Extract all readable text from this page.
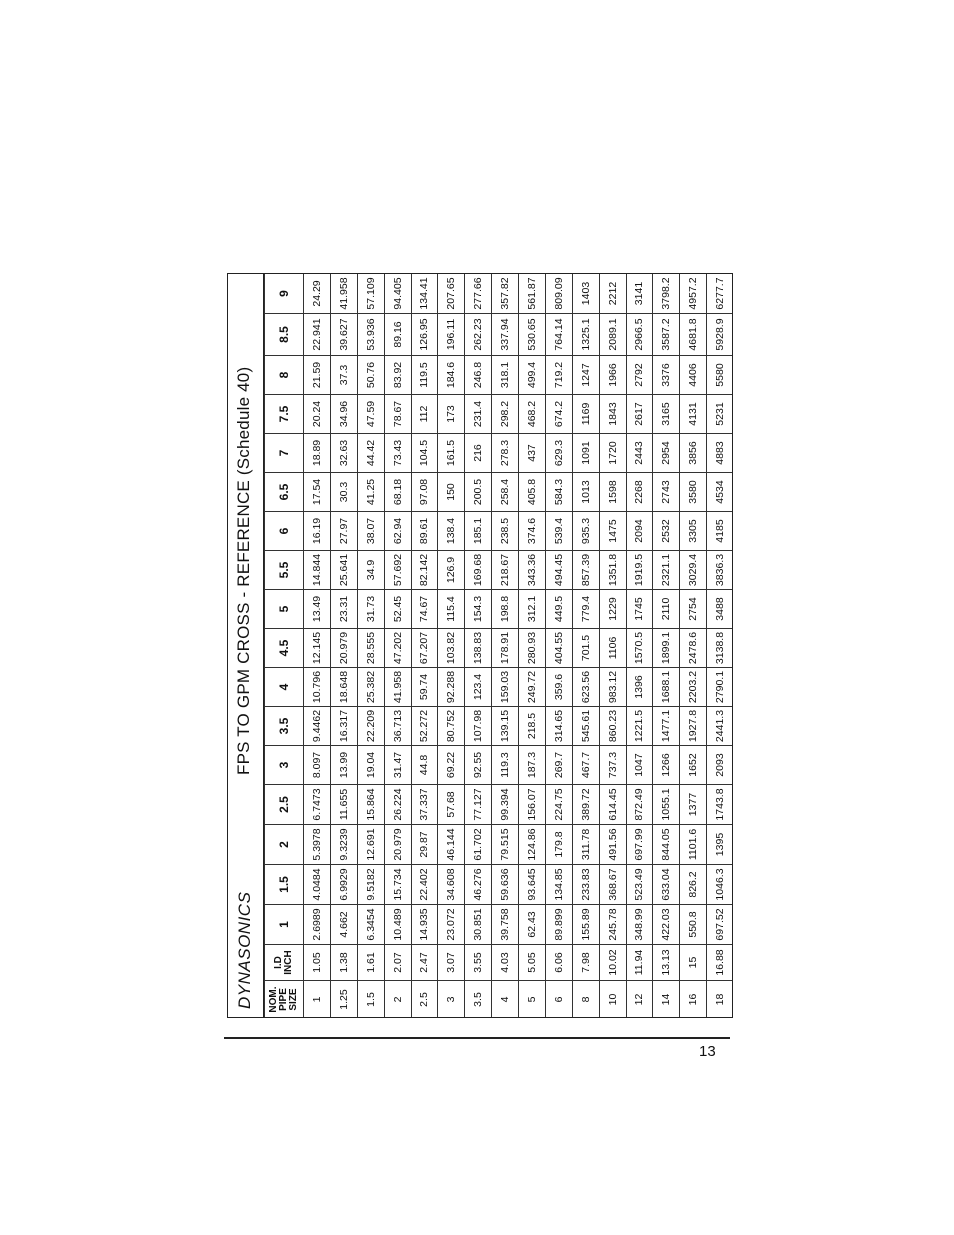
DYNASONICS
FPS TO GPM CROSS - REFERENCE (Schedule 40)
NOM.
PIPE
SIZE	I.D
INCH	1	1.5	2	2.5	3	3.5	4	4.5	5	5.5	6	6.5	7	7.5	8	8.5	9
1	1.05	2.6989	4.0484	5.3978	6.7473	8.097	9.4462	10.796	12.145	13.49	14.844	16.19	17.54	18.89	20.24	21.59	22.941	24.29
1.25	1.38	4.662	6.9929	9.3239	11.655	13.99	16.317	18.648	20.979	23.31	25.641	27.97	30.3	32.63	34.96	37.3	39.627	41.958
1.5	1.61	6.3454	9.5182	12.691	15.864	19.04	22.209	25.382	28.555	31.73	34.9	38.07	41.25	44.42	47.59	50.76	53.936	57.109
2	2.07	10.489	15.734	20.979	26.224	31.47	36.713	41.958	47.202	52.45	57.692	62.94	68.18	73.43	78.67	83.92	89.16	94.405
2.5	2.47	14.935	22.402	29.87	37.337	44.8	52.272	59.74	67.207	74.67	82.142	89.61	97.08	104.5	112	119.5	126.95	134.41
3	3.07	23.072	34.608	46.144	57.68	69.22	80.752	92.288	103.82	115.4	126.9	138.4	150	161.5	173	184.6	196.11	207.65
3.5	3.55	30.851	46.276	61.702	77.127	92.55	107.98	123.4	138.83	154.3	169.68	185.1	200.5	216	231.4	246.8	262.23	277.66
4	4.03	39.758	59.636	79.515	99.394	119.3	139.15	159.03	178.91	198.8	218.67	238.5	258.4	278.3	298.2	318.1	337.94	357.82
5	5.05	62.43	93.645	124.86	156.07	187.3	218.5	249.72	280.93	312.1	343.36	374.6	405.8	437	468.2	499.4	530.65	561.87
6	6.06	89.899	134.85	179.8	224.75	269.7	314.65	359.6	404.55	449.5	494.45	539.4	584.3	629.3	674.2	719.2	764.14	809.09
8	7.98	155.89	233.83	311.78	389.72	467.7	545.61	623.56	701.5	779.4	857.39	935.3	1013	1091	1169	1247	1325.1	1403
10	10.02	245.78	368.67	491.56	614.45	737.3	860.23	983.12	1106	1229	1351.8	1475	1598	1720	1843	1966	2089.1	2212
12	11.94	348.99	523.49	697.99	872.49	1047	1221.5	1396	1570.5	1745	1919.5	2094	2268	2443	2617	2792	2966.5	3141
14	13.13	422.03	633.04	844.05	1055.1	1266	1477.1	1688.1	1899.1	2110	2321.1	2532	2743	2954	3165	3376	3587.2	3798.2
16	15	550.8	826.2	1101.6	1377	1652	1927.8	2203.2	2478.6	2754	3029.4	3305	3580	3856	4131	4406	4681.8	4957.2
18	16.88	697.52	1046.3	1395	1743.8	2093	2441.3	2790.1	3138.8	3488	3836.3	4185	4534	4883	5231	5580	5928.9	6277.7
13
